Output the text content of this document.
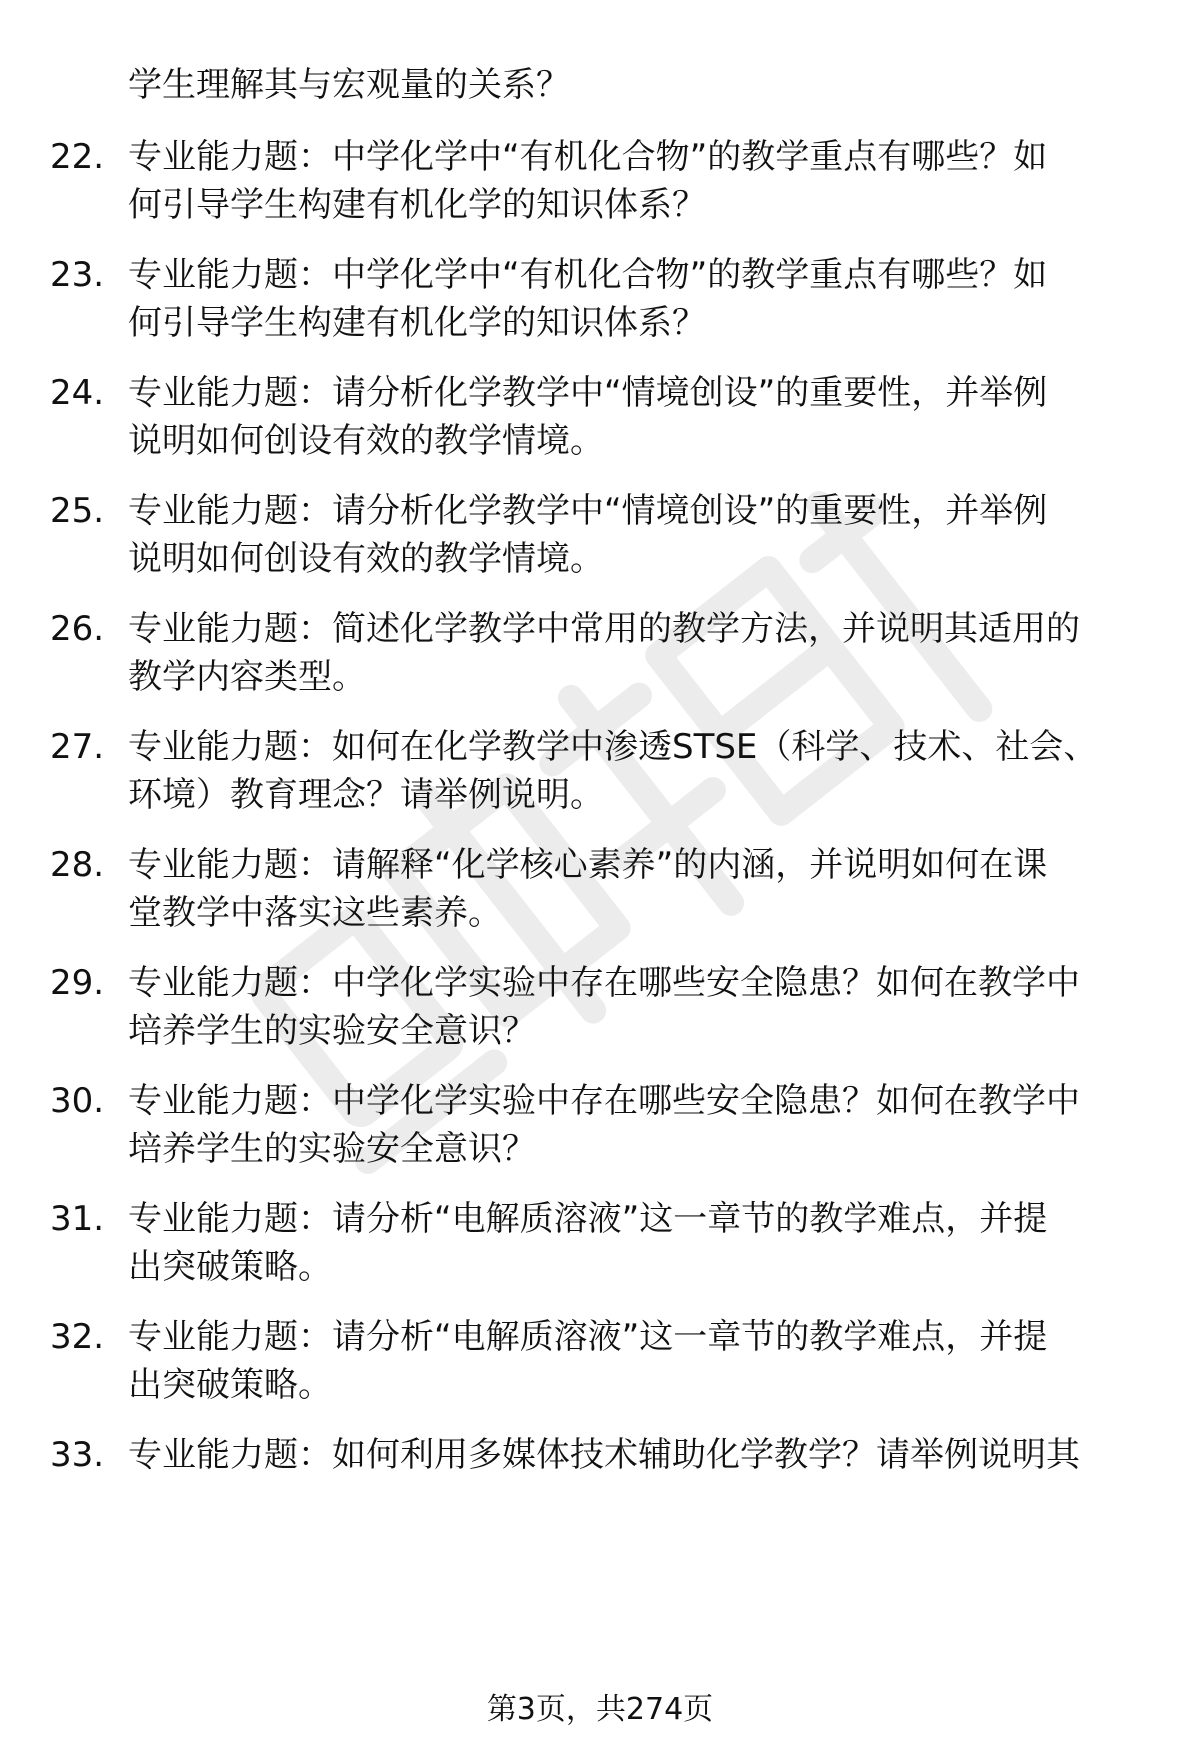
学生理解其与宏观量的关系？
22. 专业能力题：中学化学中“有机化合物”的教学重点有哪些？如
何引导学生构建有机化学的知识体系？
23. 专业能力题：中学化学中“有机化合物”的教学重点有哪些？如
何引导学生构建有机化学的知识体系？
24. 专业能力题：请分析化学教学中“情境创设”的重要性，并举例
说明如何创设有效的教学情境。
25. 专业能力题：请分析化学教学中“情境创设”的重要性，并举例
说明如何创设有效的教学情境。
26. 专业能力题：简述化学教学中常用的教学方法，并说明其适用的
教学内容类型。
27. 专业能力题：如何在化学教学中渗透STSE（科学、技术、社会、
环境）教育理念？请举例说明。
28. 专业能力题：请解释“化学核心素养”的内涵，并说明如何在课
堂教学中落实这些素养。
29. 专业能力题：中学化学实验中存在哪些安全隐患？如何在教学中
培养学生的实验安全意识？
30. 专业能力题：中学化学实验中存在哪些安全隐患？如何在教学中
培养学生的实验安全意识？
31. 专业能力题：请分析“电解质溶液”这一章节的教学难点，并提
出突破策略。
32. 专业能力题：请分析“电解质溶液”这一章节的教学难点，并提
出突破策略。
33. 专业能力题：如何利用多媒体技术辅助化学教学？请举例说明其
第3页，共274页
